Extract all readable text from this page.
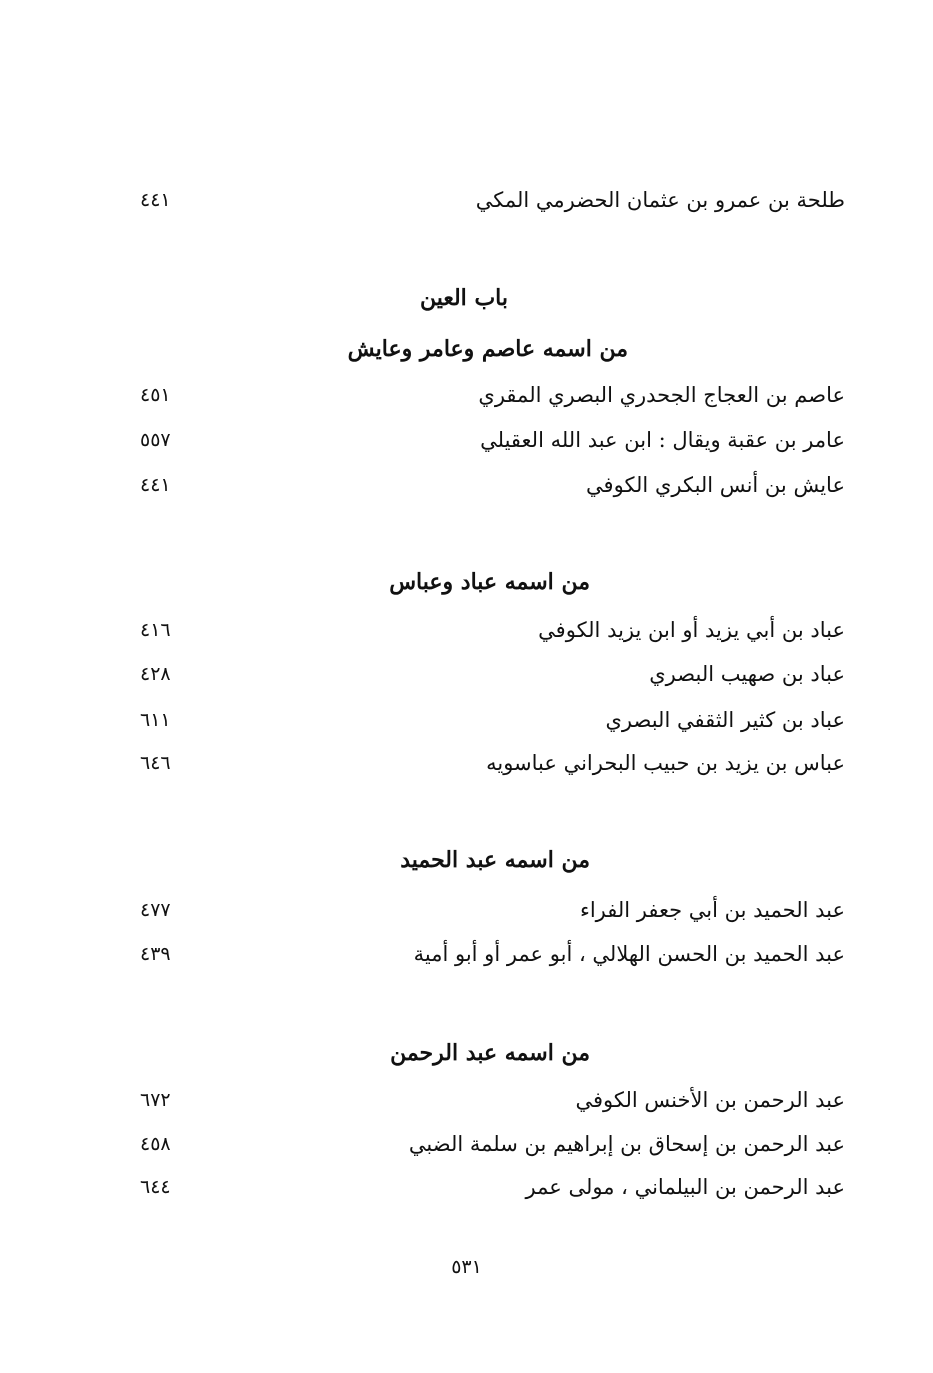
طلحة بن عمرو بن عثمان الحضرمي المكي
٤٤١
باب العين
من اسمه عاصم وعامر وعايش
عاصم بن العجاج الجحدري البصري المقري
٤٥١
عامر بن عقبة ويقال : ابن عبد الله العقيلي
٥٥٧
عايش بن أنس البكري الكوفي
٤٤١
من اسمه عباد وعباس
عباد بن أبي يزيد أو ابن يزيد الكوفي
٤١٦
عباد بن صهيب البصري
٤٢٨
عباد بن كثير الثقفي البصري
٦١١
عباس بن يزيد بن حبيب البحراني عباسويه
٦٤٦
من اسمه عبد الحميد
عبد الحميد بن أبي جعفر الفراء
٤٧٧
عبد الحميد بن الحسن الهلالي ، أبو عمر أو أبو أمية
٤٣٩
من اسمه عبد الرحمن
عبد الرحمن بن الأخنس الكوفي
٦٧٢
عبد الرحمن بن إسحاق بن إبراهيم بن سلمة الضبي
٤٥٨
عبد الرحمن بن البيلماني ، مولى عمر
٦٤٤
٥٣١
